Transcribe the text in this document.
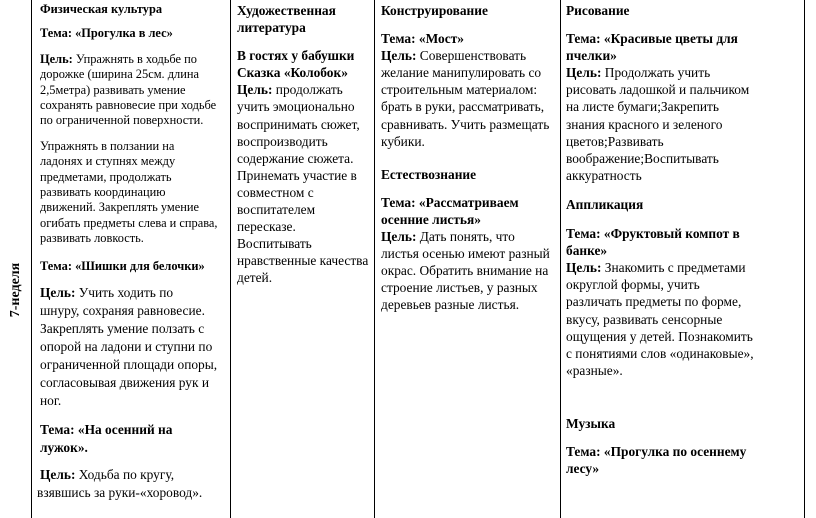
7-неделя

Физическая культура

Тема: «Прогулка в лес»

Цель: Упражнять в ходьбе по
дорожке (ширина 25см. длина
2,5метра) развивать умение
сохранять равновесие при ходьбе
по ограниченной поверхности.

Упражнять в ползании на
ладонях и ступнях между
предметами, продолжать
развивать координацию
движений. Закреплять умение
огибать предметы слева и справа,
развивать ловкость.

Тема: «Шишки для белочки»

Цель: Учить ходить по
шнуру, сохраняя равновесие.
Закреплять умение ползать с
опорой на ладони и ступни по
ограниченной площади опоры,
согласовывая движения рук и
ног.

Тема: «На осенний на
лужок».

Цель: Ходьба по кругу,
взявшись за руки-«хоровод».

Художественная
литература

В гостях у бабушки
Сказка «Колобок»

Цель: продолжать
учить эмоционально
воспринимать сюжет,
воспроизводить
содержание сюжета.
Принемать участие в
совместном с
воспитателем
пересказе.
Воспитывать
нравственные качества
детей.

Конструирование

Тема: «Мост»

Цель: Совершенствовать
желание манипулировать со
строительным материалом:
брать в руки, рассматривать,
сравнивать. Учить размещать
кубики.

Естествознание

Тема: «Рассматриваем
осенние листья»

Цель: Дать понять, что
листья осенью имеют разный
окрас. Обратить внимание на
строение листьев, у разных
деревьев разные листья.

Рисование

Тема: «Красивые цветы для
пчелки»

Цель: Продолжать учить
рисовать ладошкой и пальчиком
на листе бумаги;Закрепить
знания красного и зеленого
цветов;Развивать
воображение;Воспитывать
аккуратность

Аппликация

Тема: «Фруктовый компот в
банке»

Цель: Знакомить с предметами
округлой формы, учить
различать предметы по форме,
вкусу, развивать сенсорные
ощущения у детей. Познакомить
с понятиями слов «одинаковые»,
«разные».

Музыка

Тема: «Прогулка по осеннему
лесу»
